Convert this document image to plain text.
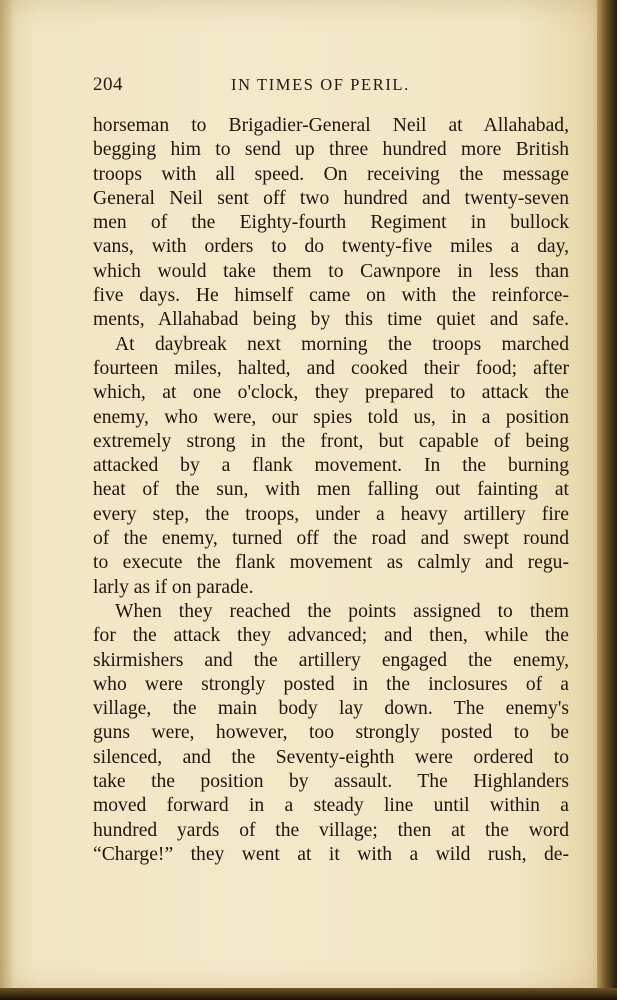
204	IN TIMES OF PERIL.
horseman to Brigadier-General Neil at Allahabad,
begging him to send up three hundred more British
troops with all speed. On receiving the message
General Neil sent off two hundred and twenty-seven
men of the Eighty-fourth Regiment in bullock
vans, with orders to do twenty-five miles a day,
which would take them to Cawnpore in less than
five days. He himself came on with the reinforce-
ments, Allahabad being by this time quiet and safe.
At daybreak next morning the troops marched
fourteen miles, halted, and cooked their food; after
which, at one o'clock, they prepared to attack the
enemy, who were, our spies told us, in a position
extremely strong in the front, but capable of being
attacked by a flank movement. In the burning
heat of the sun, with men falling out fainting at
every step, the troops, under a heavy artillery fire
of the enemy, turned off the road and swept round
to execute the flank movement as calmly and regu-
larly as if on parade.
When they reached the points assigned to them
for the attack they advanced; and then, while the
skirmishers and the artillery engaged the enemy,
who were strongly posted in the inclosures of a
village, the main body lay down. The enemy's
guns were, however, too strongly posted to be
silenced, and the Seventy-eighth were ordered to
take the position by assault. The Highlanders
moved forward in a steady line until within a
hundred yards of the village; then at the word
“Charge!” they went at it with a wild rush, de-
